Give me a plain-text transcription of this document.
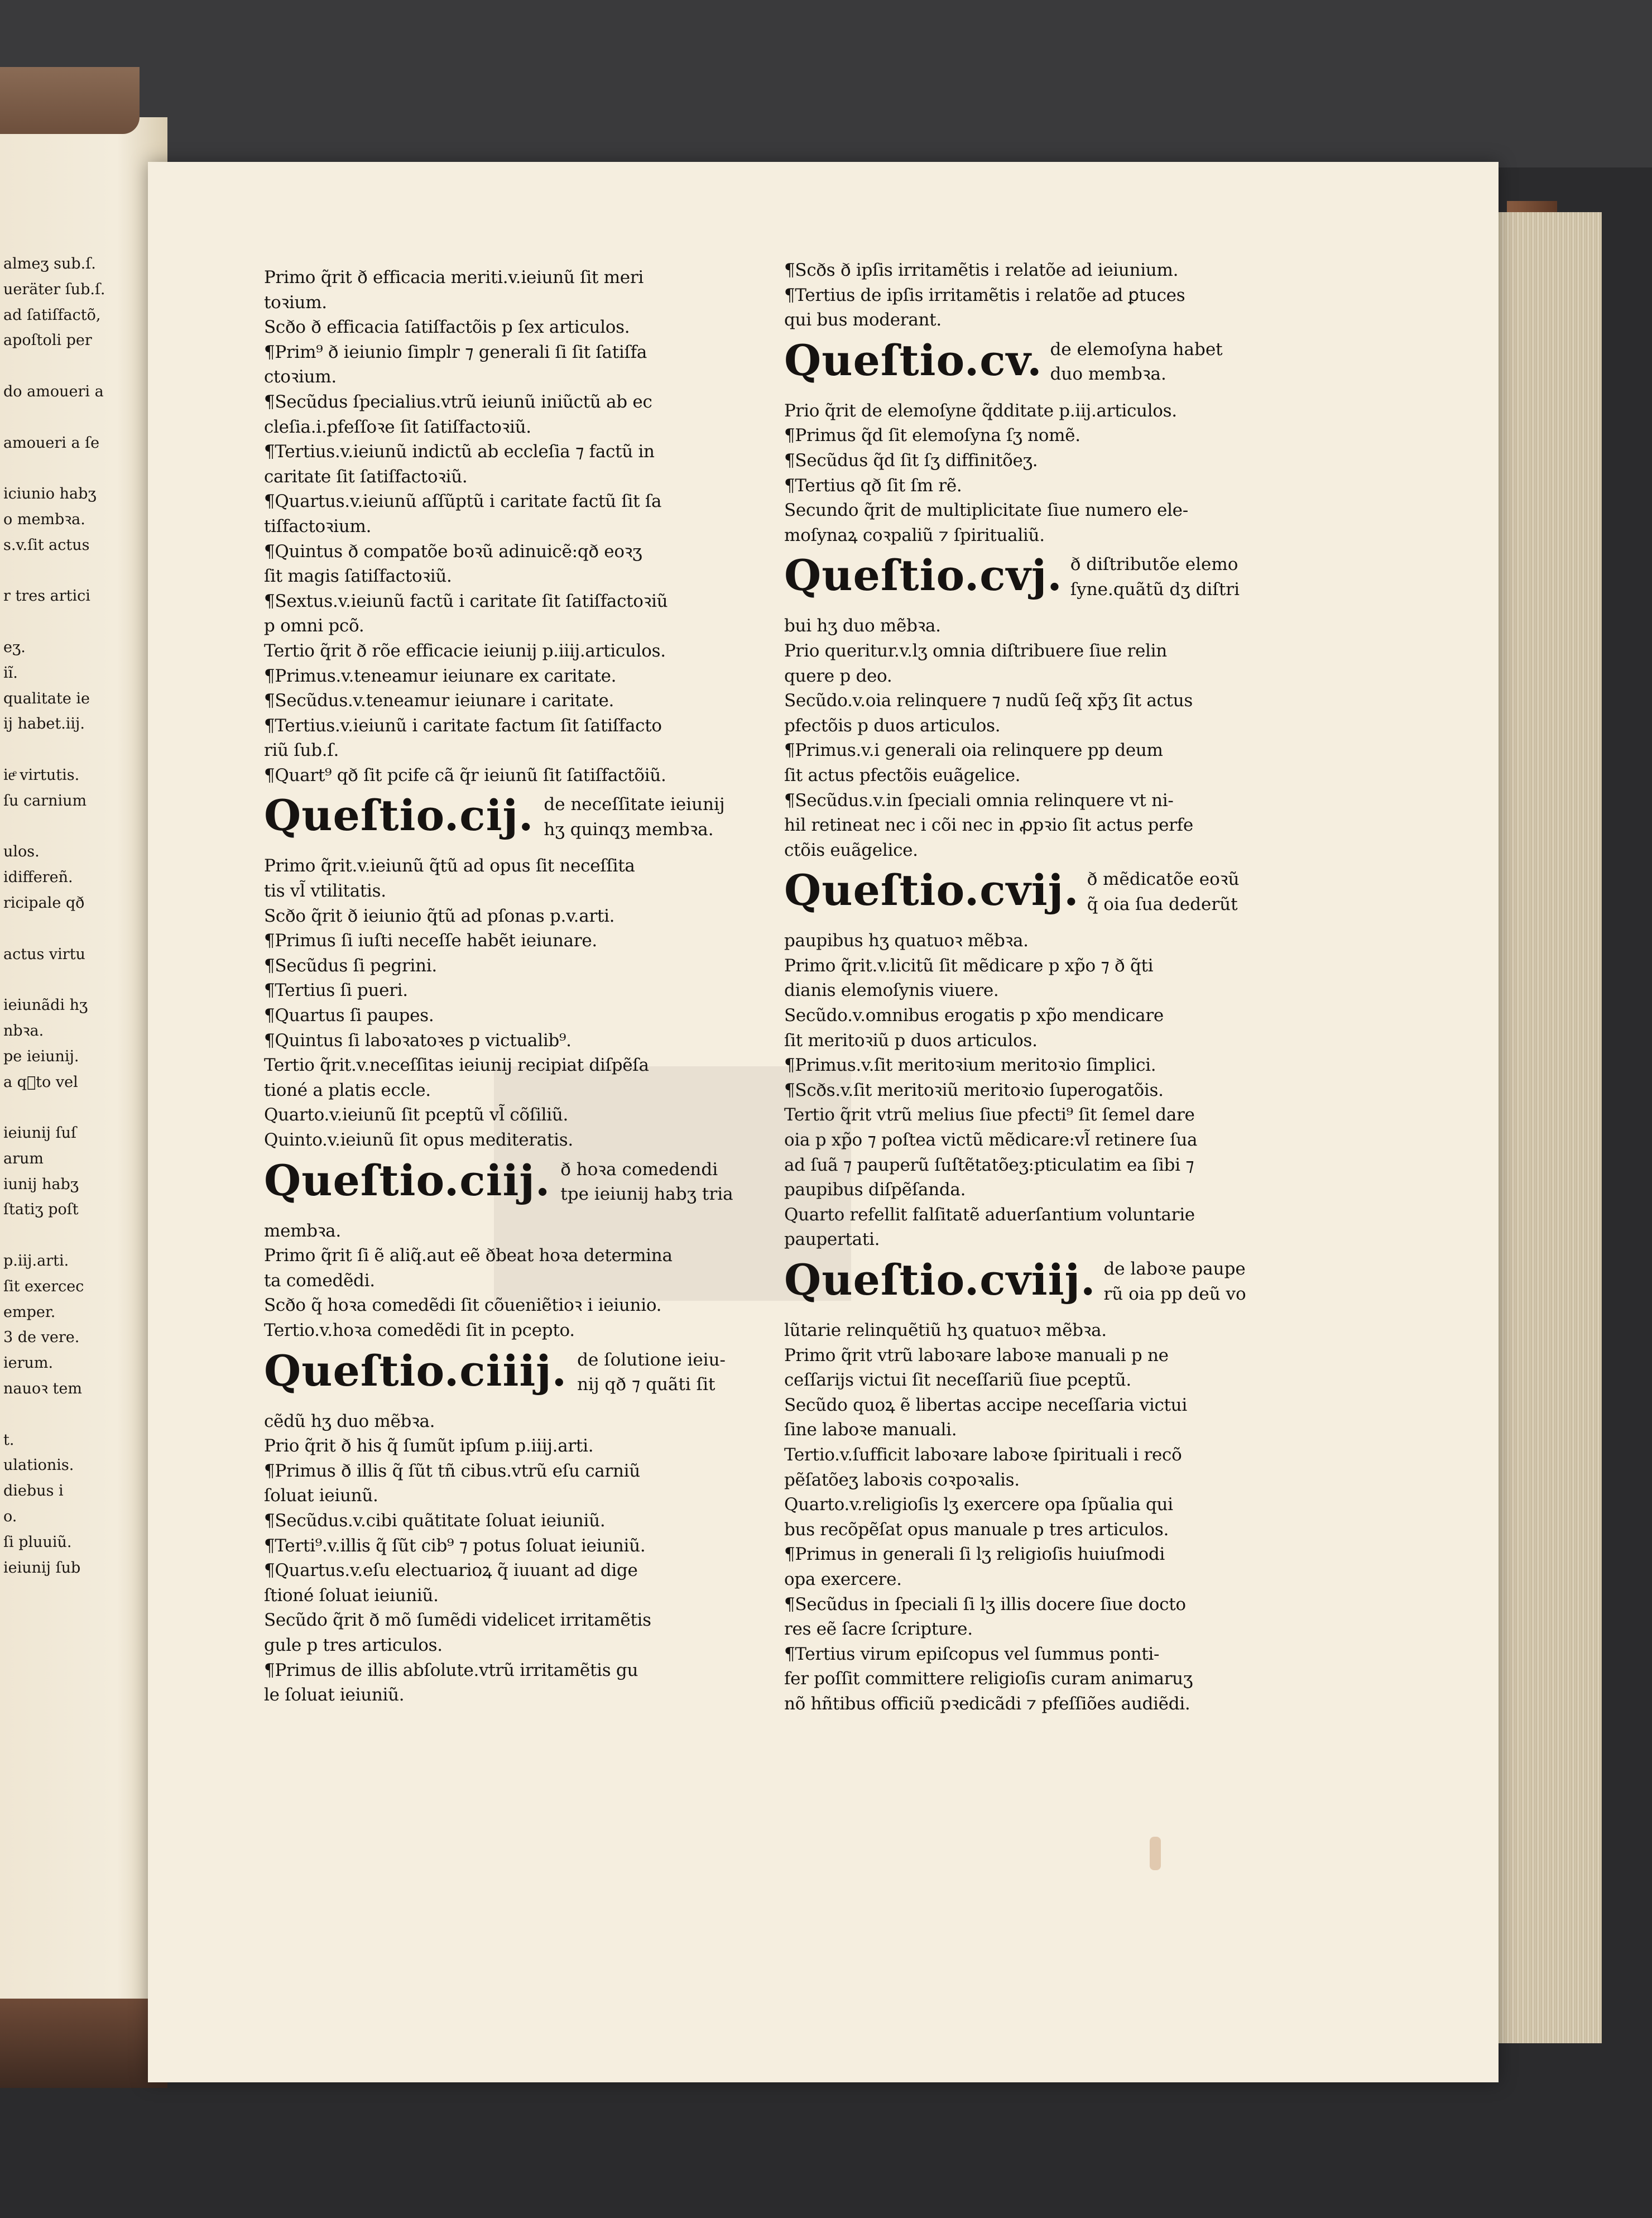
almeʒ sub.ſ.
ueräter ſub.ſ.
ad ſatiſfactõ,
apoſtoli per
do amoueri a
amoueri a ſe
iciunio habʒ
o membꝛa.
s.v.ſit actus
r tres artici
eʒ.
iĩ.
qualitate ie
ij habet.iij.
ieͤ virtutis.
ſu carnium
ulos.
idiffereñ.
ricipale qð
actus virtu
ieiunãdi hʒ
nbꝛa.
pe ieiunij.
a qᷓto vel
ieiunij ſuſ
arum
iunij habʒ
ſtatiʒ poſt
p.iij.arti.
ſit exercec
emper.
3 de vere.
ierum.
nauoꝛ tem
t.
ulationis.
diebus i
o.
ſi pluuiũ.
ieiunij ſub
Primo q̃rit ð efficacia meriti.v.ieiunũ ſit meri
toꝛium.
Scðo ð efficacia ſatiſfactõis p ſex articulos.
¶Prim⁹ ð ieiunio ſimplr ⁊ generali ſi ſit ſatiſfa
ctoꝛium.
¶Secũdus ſpecialius.vtrũ ieiunũ iniũctũ ab ec
cleſia.i.pfeſſoꝛe ſit ſatiſfactoꝛiũ.
¶Tertius.v.ieiunũ indictũ ab eccleſia ⁊ factũ in
caritate ſit ſatiſfactoꝛiũ.
¶Quartus.v.ieiunũ aſſũptũ i caritate factũ ſit ſa
tiſfactoꝛium.
¶Quintus ð compatõe boꝛũ adinuicẽ:qð eoꝛʒ
ſit magis ſatiſfactoꝛiũ.
¶Sextus.v.ieiunũ factũ i caritate ſit ſatiſfactoꝛiũ
p omni pcõ.
Tertio q̃rit ð rõe efficacie ieiunij p.iiij.articulos.
¶Primus.v.teneamur ieiunare ex caritate.
¶Secũdus.v.teneamur ieiunare i caritate.
¶Tertius.v.ieiunũ i caritate factum ſit ſatiſfacto
riũ ſub.ſ.
¶Quart⁹ qð ſit pcife cã q̃r ieiunũ ſit ſatiſfactõiũ.
Queſtio.cij. de neceſſitate ieiunij
hʒ quinqʒ membꝛa.
Primo q̃rit.v.ieiunũ q̃tũ ad opus ſit neceſſita
tis vl̃ vtilitatis.
Scðo q̃rit ð ieiunio q̃tũ ad pſonas p.v.arti.
¶Primus ſi iuſti neceſſe habẽt ieiunare.
¶Secũdus ſi pegrini.
¶Tertius ſi pueri.
¶Quartus ſi paupes.
¶Quintus ſi laboꝛatoꝛes p victualib⁹.
Tertio q̃rit.v.neceſſitas ieiunij recipiat diſpẽſa
tioné a platis eccle.
Quarto.v.ieiunũ ſit pceptũ vl̃ cõſiliũ.
Quinto.v.ieiunũ ſit opus mediteratis.
Queſtio.ciij. ð hoꝛa comedendi
tpe ieiunij habʒ tria
membꝛa.
Primo q̃rit ſi ẽ aliq̃.aut eẽ ðbeat hoꝛa determina
ta comedẽdi.
Scðo q̃ hoꝛa comedẽdi ſit cõueniẽtioꝛ i ieiunio.
Tertio.v.hoꝛa comedẽdi ſit in pcepto.
Queſtio.ciiij. de ſolutione ieiu-
nij qð ⁊ quãti ſit
cẽdũ hʒ duo mẽbꝛa.
Prio q̃rit ð his q̃ ſumũt ipſum p.iiij.arti.
¶Primus ð illis q̃ ſũt tñ cibus.vtrũ eſu carniũ
ſoluat ieiunũ.
¶Secũdus.v.cibi quãtitate ſoluat ieiuniũ.
¶Terti⁹.v.illis q̃ ſũt cib⁹ ⁊ potus ſoluat ieiuniũ.
¶Quartus.v.eſu electuarioꝝ q̃ iuuant ad dige
ſtioné ſoluat ieiuniũ.
Secũdo q̃rit ð mõ ſumẽdi videlicet irritamẽtis
gule p tres articulos.
¶Primus de illis abſolute.vtrũ irritamẽtis gu
le ſoluat ieiuniũ.
¶Scðs ð ipſis irritamẽtis i relatõe ad ieiunium.
¶Tertius de ipſis irritamẽtis i relatõe ad ꝑtuces
qui bus moderant.
Queſtio.cv. de elemoſyna habet
duo membꝛa.
Prio q̃rit de elemoſyne q̃dditate p.iij.articulos.
¶Primus q̃d ſit elemoſyna ſʒ nomẽ.
¶Secũdus q̃d ſit ſʒ diffinitõeʒ.
¶Tertius qð ſit ſm rẽ.
Secundo q̃rit de multiplicitate ſiue numero ele-
moſynaꝝ coꝛpaliũ ⁊ ſpiritualiũ.
Queſtio.cvj. ð diſtributõe elemo
ſyne.quãtũ dʒ diſtri
bui hʒ duo mẽbꝛa.
Prio queritur.v.lʒ omnia diſtribuere ſiue relin
quere p deo.
Secũdo.v.oia relinquere ⁊ nudũ ſeq̃ xp̃ʒ ſit actus
pfectõis p duos articulos.
¶Primus.v.i generali oia relinquere pp deum
ſit actus pfectõis euãgelice.
¶Secũdus.v.in ſpeciali omnia relinquere vt ni-
hil retineat nec i cõi nec in ꝓpꝛio ſit actus perfe
ctõis euãgelice.
Queſtio.cvij. ð mẽdicatõe eoꝛũ
q̃ oia ſua dederũt
paupibus hʒ quatuoꝛ mẽbꝛa.
Primo q̃rit.v.licitũ ſit mẽdicare p xp̃o ⁊ ð q̃ti
dianis elemoſynis viuere.
Secũdo.v.omnibus erogatis p xp̃o mendicare
ſit meritoꝛiũ p duos articulos.
¶Primus.v.ſit meritoꝛium meritoꝛio ſimplici.
¶Scðs.v.ſit meritoꝛiũ meritoꝛio ſuperogatõis.
Tertio q̃rit vtrũ melius ſiue pfecti⁹ ſit ſemel dare
oia p xp̃o ⁊ poſtea victũ mẽdicare:vl̃ retinere ſua
ad ſuã ⁊ pauperũ ſuſtẽtatõeʒ:pticulatim ea ſibi ⁊
paupibus diſpẽſanda.
Quarto refellit falſitatẽ aduerſantium voluntarie
paupertati.
Queſtio.cviij. de laboꝛe paupe
rũ oia pp deũ vo
lũtarie relinquẽtiũ hʒ quatuoꝛ mẽbꝛa.
Primo q̃rit vtrũ laboꝛare laboꝛe manuali p ne
ceſſarijs victui ſit neceſſariũ ſiue pceptũ.
Secũdo quoꝝ ẽ libertas accipe neceſſaria victui
ſine laboꝛe manuali.
Tertio.v.ſufficit laboꝛare laboꝛe ſpirituali i recõ
pẽſatõeʒ laboꝛis coꝛpoꝛalis.
Quarto.v.religioſis lʒ exercere opa ſpũalia qui
bus recõpẽſat opus manuale p tres articulos.
¶Primus in generali ſi lʒ religioſis huiuſmodi
opa exercere.
¶Secũdus in ſpeciali ſi lʒ illis docere ſiue docto
res eẽ ſacre ſcripture.
¶Tertius virum epiſcopus vel ſummus ponti-
fer poſſit committere religioſis curam animaruʒ
nõ hñtibus officiũ pꝛedicãdi ⁊ pfeſſiões audiẽdi.
